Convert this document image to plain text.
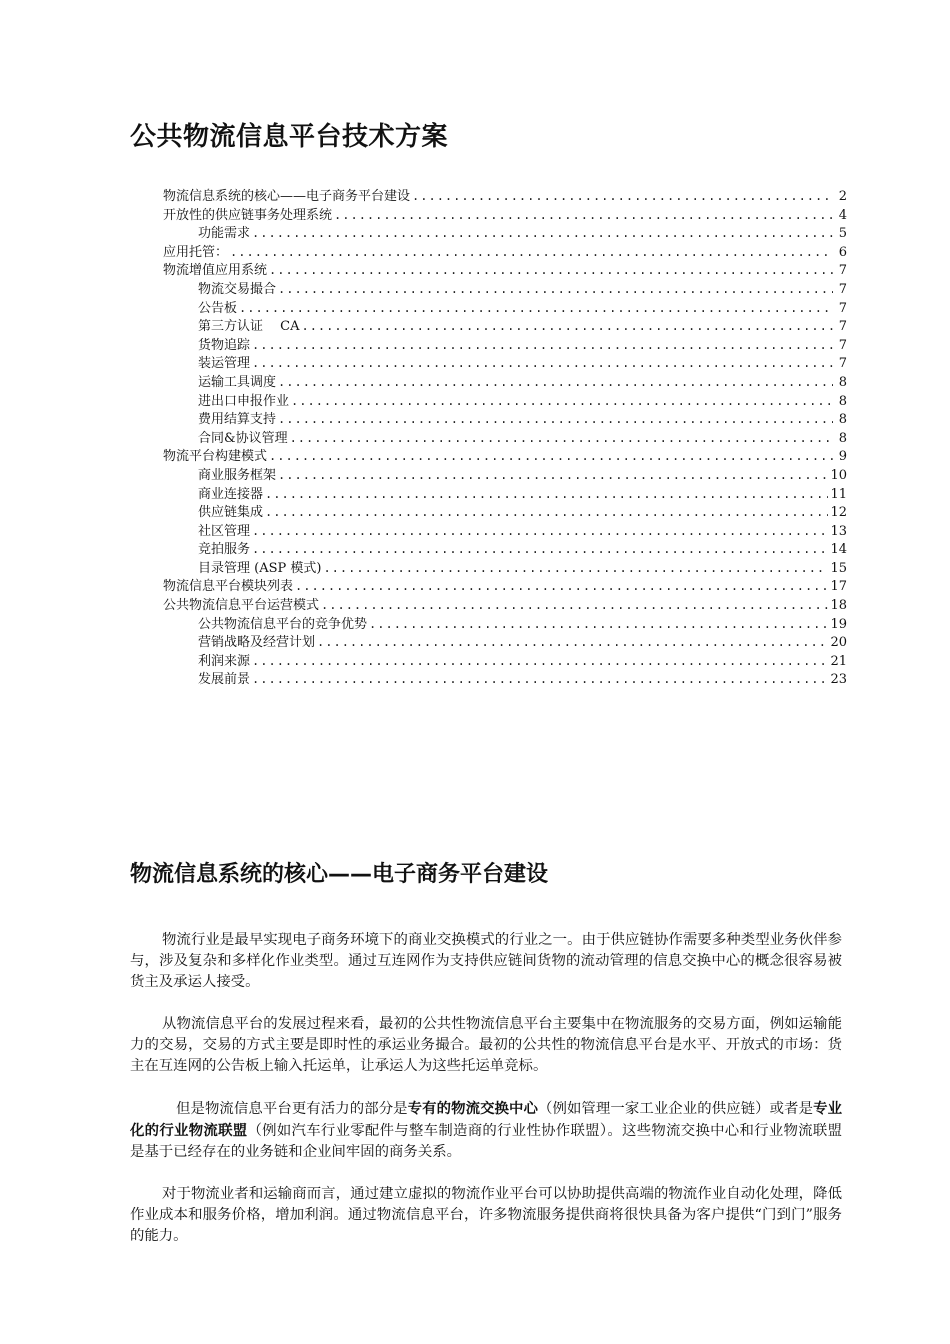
公共物流信息平台技术方案
物流信息系统的核心——电子商务平台建设 .....	2
开放性的供应链事务处理系统 .....	4
功能需求 .....	5
应用托管： .....	6
物流增值应用系统 .....	7
物流交易撮合 .....	7
公告板 .....	7
第三方认证　 CA .....	7
货物追踪 .....	7
装运管理 .....	7
运输工具调度 .....	8
进出口申报作业 .....	8
费用结算支持 .....	8
合同&协议管理 .....	8
物流平台构建模式 .....	9
商业服务框架 .....	10
商业连接器 .....	11
供应链集成 .....	12
社区管理 .....	13
竞拍服务 .....	14
目录管理 (ASP 模式) .....	15
物流信息平台模块列表 .....	17
公共物流信息平台运营模式 .....	18
公共物流信息平台的竞争优势 .....	19
营销战略及经营计划 .....	20
利润来源 .....	21
发展前景 .....	23
物流信息系统的核心——电子商务平台建设

物流行业是最早实现电子商务环境下的商业交换模式的行业之一。由于供应链协作需要多种类型业务伙伴参与，涉及复杂和多样化作业类型。通过互连网作为支持供应链间货物的流动管理的信息交换中心的概念很容易被货主及承运人接受。

从物流信息平台的发展过程来看，最初的公共性物流信息平台主要集中在物流服务的交易方面，例如运输能力的交易，交易的方式主要是即时性的承运业务撮合。最初的公共性的物流信息平台是水平、开放式的市场：货主在互连网的公告板上输入托运单，让承运人为这些托运单竞标。

但是物流信息平台更有活力的部分是专有的物流交换中心（例如管理一家工业企业的供应链）或者是专业化的行业物流联盟（例如汽车行业零配件与整车制造商的行业性协作联盟）。这些物流交换中心和行业物流联盟是基于已经存在的业务链和企业间牢固的商务关系。

对于物流业者和运输商而言，通过建立虚拟的物流作业平台可以协助提供高端的物流作业自动化处理，降低作业成本和服务价格，增加利润。通过物流信息平台，许多物流服务提供商将很快具备为客户提供“门到门”服务的能力。
